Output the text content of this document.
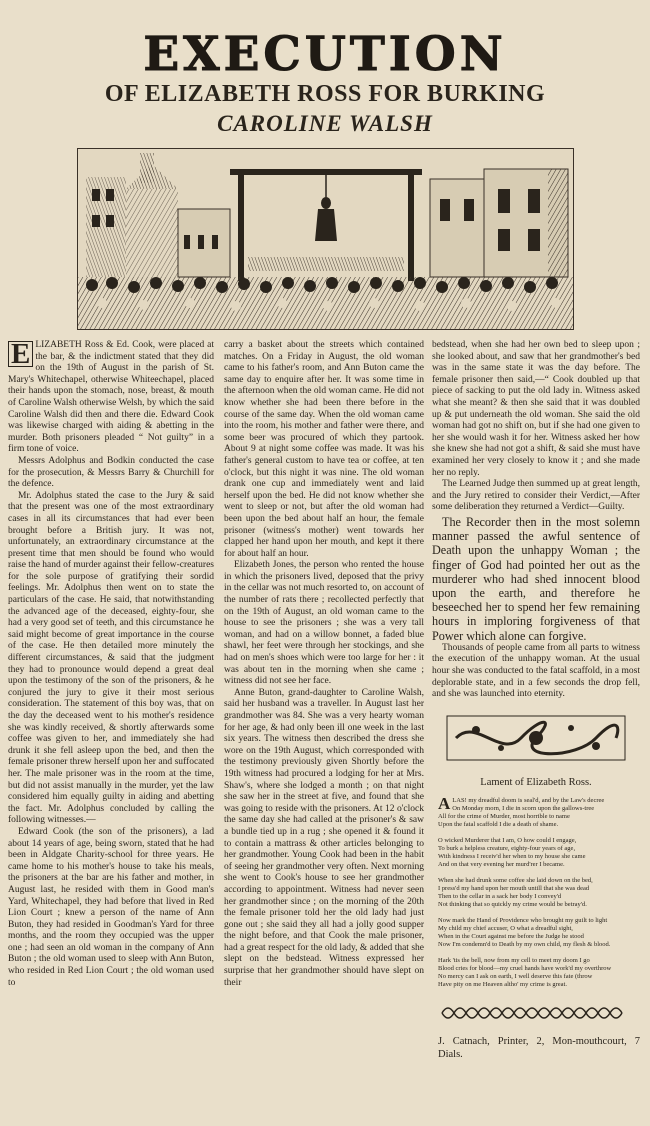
EXECUTION
OF ELIZABETH ROSS FOR BURKING
CAROLINE WALSH

E LIZABETH Ross & Ed. Cook, were placed at the bar, & the indictment stated that they did on the 19th of August in the parish of St. Mary's Whitechapel, otherwise Whiteechapel, placed their hands upon the stomach, nose, breast, & mouth of Caroline Walsh otherwise Welsh, by which the said Caroline Walsh did then and there die. Edward Cook was likewise charged with aiding & abetting in the murder. Both prisoners pleaded “ Not guilty” in a firm tone of voice.

Messrs Adolphus and Bodkin conducted the case for the prosecution, & Messrs Barry & Churchill for the defence.

Mr. Adolphus stated the case to the Jury & said that the present was one of the most extraordinary cases in all its circumstances that had ever been brought before a British jury. It was not, unfortunately, an extraordinary circumstance at the present time that men should be found who would raise the hand of murder against their fellow-creatures for the sole purpose of gratifying their sordid feelings. Mr. Adolphus then went on to state the particulars of the case. He said, that notwithstanding the advanced age of the deceased, eighty-four, she had a very good set of teeth, and this circumstance he said might become of great importance in the course of the case. He then detailed more minutely the different circumstances, & said that the judgment they had to pronounce would depend a great deal upon the testimony of the son of the prisoners, & he conjured the jury to give it their most serious consideration. The statement of this boy was, that on the day the deceased went to his mother's residence she was kindly received, & shortly afterwards some coffee was given to her, and immediately she had drunk it she fell asleep upon the bed, and then the female prisoner threw herself upon her and suffocated her. The male prisoner was in the room at the time, but did not assist manually in the murder, yet the law considered him equally guilty in aiding and abetting the fact. Mr. Adolphus concluded by calling the following witnesses.—

Edward Cook (the son of the prisoners), a lad about 14 years of age, being sworn, stated that he had been in Aldgate Charity-school for three years. He came home to his mother's house to take his meals, the prisoners at the bar are his father and mother, in August last, he resided with them in Good man's Yard, Whitechapel, they had before that lived in Red Lion Court ; knew a person of the name of Ann Buton, they had resided in Goodman's Yard for three months, and the room they occupied was the upper one ; had seen an old woman in the company of Ann Buton ; the old woman used to sleep with Ann Buton, who resided in Red Lion Court ; the old woman used to

carry a basket about the streets which contained matches. On a Friday in August, the old woman came to his father's room, and Ann Buton came the same day to enquire after her. It was some time in the afternoon when the old woman came. He did not know whether she had been there before in the course of the same day. When the old woman came into the room, his mother and father were there, and some beer was procured of which they partook. About 9 at night some coffee was made. It was his father's general custom to have tea or coffee, at ten o'clock, but this night it was nine. The old woman drank one cup and immediately went and laid herself upon the bed. He did not know whether she went to sleep or not, but after the old woman had been upon the bed about half an hour, the female prisoner (witness's mother) went towards her clapped her hand upon her mouth, and kept it there for about half an hour.

Elizabeth Jones, the person who rented the house in which the prisoners lived, deposed that the privy in the cellar was not much resorted to, on account of the number of rats there ; recollected perfectly that on the 19th of August, an old woman came to the house to see the prisoners ; she was a very tall woman, and had on a willow bonnet, a faded blue shawl, her feet were through her stockings, and she had on men's shoes which were too large for her : it was about ten in the morning when she came ; witness did not see her face.

Anne Buton, grand-daughter to Caroline Walsh, said her husband was a traveller. In August last her grandmother was 84. She was a very hearty woman for her age, & had only been ill one week in the last six years. The witness then described the dress she wore on the 19th August, which corresponded with the testimony previously given Shortly before the 19th witness had procured a lodging for her at Mrs. Shaw's, where she lodged a month ; on that night she saw her in the street at five, and found that she was going to reside with the prisoners. At 12 o'clock the same day she had called at the prisoner's & saw a bundle tied up in a rug ; she opened it & found it to contain a mattrass & other articles belonging to her grandmother. Young Cook had been in the habit of seeing her grandmother very often. Next morning she went to Cook's house to see her grandmother according to appointment. Witness had never seen her grandmother since ; on the morning of the 20th the female prisoner told her the old lady had just gone out ; she said they all had a jolly good supper the night before, and that Cook the male prisoner, had a great respect for the old lady, & added that she slept on the bedstead. Witness expressed her surprise that her grandmother should have slept on their

bedstead, when she had her own bed to sleep upon ; she looked about, and saw that her grandmother's bed was in the same state it was the day before. The female prisoner then said,—“ Cook doubled up that piece of sacking to put the old lady in. Witness asked what she meant? & then she said that it was doubled up & put underneath the old woman. She said the old woman had got no shift on, but if she had one given to her she would wash it for her. Witness asked her how she knew she had not got a shift, & said she must have examined her very closely to know it ; and she made her no reply.

The Learned Judge then summed up at great length, and the Jury retired to consider their Verdict,—After some deliberation they returned a Verdict—Guilty.

The Recorder then in the most solemn manner passed the awful sentence of Death upon the unhappy Woman ; the finger of God had pointed her out as the murderer who had shed innocent blood upon the earth, and therefore he beseeched her to spend her few remaining hours in imploring forgiveness of that Power which alone can forgive.

Thousands of people came from all parts to witness the execution of the unhappy woman. At the usual hour she was conducted to the fatal scaffold, in a most deplorable state, and in a few seconds the drop fell, and she was launched into eternity.

Lament of Elizabeth Ross.
A LAS! my dreadful doom is seal'd, and by the Law's decree
On Monday morn, I die in scorn upon the gallows-tree
All for the crime of Murder, most horrible to name
Upon the fatal scaffold I die a death of shame.
O wicked Murderer that I am, O how could I engage,
To burk a helpless creature, eighty-four years of age,
With kindness I receiv'd her when to my house she came
And on that very evening her murd'rer I became.
When she had drunk some coffee she laid down on the bed,
I press'd my hand upon her mouth untill that she was dead
Then to the cellar in a sack her body I convey'd
Not thinking that so quickly my crime would be betray'd.
Now mark the Hand of Providence who brought my guilt to light
My child my chief accuser, O what a dreadful sight,
When in the Court against me before the Judge he stood
Now I'm condemn'd to Death by my own child, my flesh & blood.
Hark 'tis the bell, now from my cell to meet my doom I go
Blood cries for blood—my cruel hands have work'd my overthrow
No mercy can I ask on earth, I well deserve this fate (throw
Have pity on me Heaven altho' my crime is great.
J. Catnach, Printer, 2, Mon-mouthcourt, 7 Dials.
